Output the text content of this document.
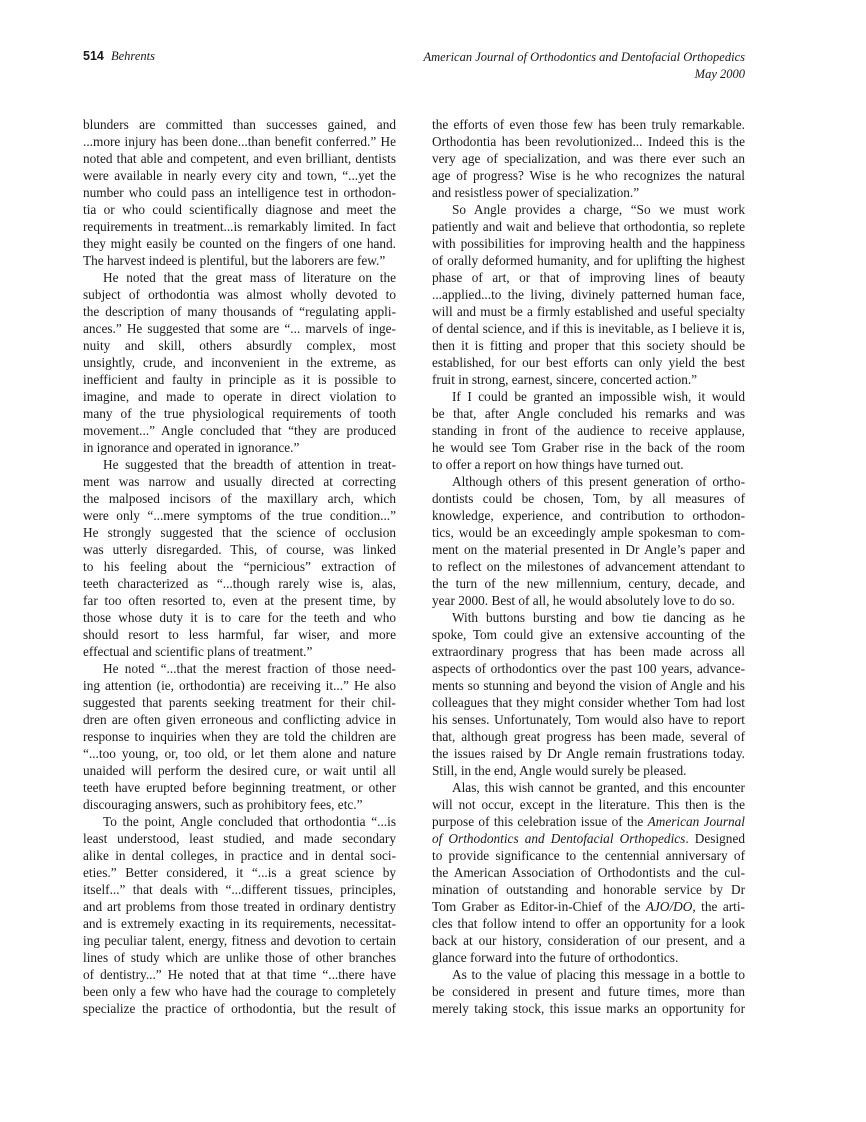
514 Behrents	American Journal of Orthodontics and Dentofacial Orthopedics
May 2000
blunders are committed than successes gained, and
...more injury has been done...than benefit conferred.” He
noted that able and competent, and even brilliant, dentists
were available in nearly every city and town, “...yet the
number who could pass an intelligence test in orthodon-
tia or who could scientifically diagnose and meet the
requirements in treatment...is remarkably limited. In fact
they might easily be counted on the fingers of one hand.
The harvest indeed is plentiful, but the laborers are few.”
He noted that the great mass of literature on the
subject of orthodontia was almost wholly devoted to
the description of many thousands of “regulating appli-
ances.” He suggested that some are “... marvels of inge-
nuity and skill, others absurdly complex, most
unsightly, crude, and inconvenient in the extreme, as
inefficient and faulty in principle as it is possible to
imagine, and made to operate in direct violation to
many of the true physiological requirements of tooth
movement...” Angle concluded that “they are produced
in ignorance and operated in ignorance.”
He suggested that the breadth of attention in treat-
ment was narrow and usually directed at correcting
the malposed incisors of the maxillary arch, which
were only “...mere symptoms of the true condition...”
He strongly suggested that the science of occlusion
was utterly disregarded. This, of course, was linked
to his feeling about the “pernicious” extraction of
teeth characterized as “...though rarely wise is, alas,
far too often resorted to, even at the present time, by
those whose duty it is to care for the teeth and who
should resort to less harmful, far wiser, and more
effectual and scientific plans of treatment.”
He noted “...that the merest fraction of those need-
ing attention (ie, orthodontia) are receiving it...” He also
suggested that parents seeking treatment for their chil-
dren are often given erroneous and conflicting advice in
response to inquiries when they are told the children are
“...too young, or, too old, or let them alone and nature
unaided will perform the desired cure, or wait until all
teeth have erupted before beginning treatment, or other
discouraging answers, such as prohibitory fees, etc.”
To the point, Angle concluded that orthodontia “...is
least understood, least studied, and made secondary
alike in dental colleges, in practice and in dental soci-
eties.” Better considered, it “...is a great science by
itself...” that deals with “...different tissues, principles,
and art problems from those treated in ordinary dentistry
and is extremely exacting in its requirements, necessitat-
ing peculiar talent, energy, fitness and devotion to certain
lines of study which are unlike those of other branches
of dentistry...” He noted that at that time “...there have
been only a few who have had the courage to completely
specialize the practice of orthodontia, but the result of
the efforts of even those few has been truly remarkable.
Orthodontia has been revolutionized... Indeed this is the
very age of specialization, and was there ever such an
age of progress? Wise is he who recognizes the natural
and resistless power of specialization.”
So Angle provides a charge, “So we must work
patiently and wait and believe that orthodontia, so replete
with possibilities for improving health and the happiness
of orally deformed humanity, and for uplifting the highest
phase of art, or that of improving lines of beauty
...applied...to the living, divinely patterned human face,
will and must be a firmly established and useful specialty
of dental science, and if this is inevitable, as I believe it is,
then it is fitting and proper that this society should be
established, for our best efforts can only yield the best
fruit in strong, earnest, sincere, concerted action.”
If I could be granted an impossible wish, it would
be that, after Angle concluded his remarks and was
standing in front of the audience to receive applause,
he would see Tom Graber rise in the back of the room
to offer a report on how things have turned out.
Although others of this present generation of ortho-
dontists could be chosen, Tom, by all measures of
knowledge, experience, and contribution to orthodon-
tics, would be an exceedingly ample spokesman to com-
ment on the material presented in Dr Angle’s paper and
to reflect on the milestones of advancement attendant to
the turn of the new millennium, century, decade, and
year 2000. Best of all, he would absolutely love to do so.
With buttons bursting and bow tie dancing as he
spoke, Tom could give an extensive accounting of the
extraordinary progress that has been made across all
aspects of orthodontics over the past 100 years, advance-
ments so stunning and beyond the vision of Angle and his
colleagues that they might consider whether Tom had lost
his senses. Unfortunately, Tom would also have to report
that, although great progress has been made, several of
the issues raised by Dr Angle remain frustrations today.
Still, in the end, Angle would surely be pleased.
Alas, this wish cannot be granted, and this encounter
will not occur, except in the literature. This then is the
purpose of this celebration issue of the American Journal
of Orthodontics and Dentofacial Orthopedics. Designed
to provide significance to the centennial anniversary of
the American Association of Orthodontists and the cul-
mination of outstanding and honorable service by Dr
Tom Graber as Editor-in-Chief of the AJO/DO, the arti-
cles that follow intend to offer an opportunity for a look
back at our history, consideration of our present, and a
glance forward into the future of orthodontics.
As to the value of placing this message in a bottle to
be considered in present and future times, more than
merely taking stock, this issue marks an opportunity for
